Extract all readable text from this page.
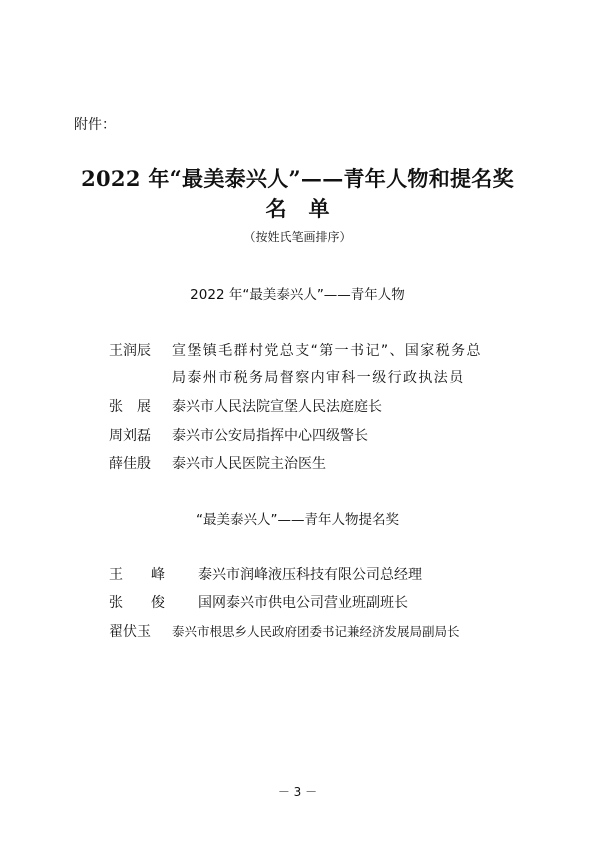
附件：
2022 年“最美泰兴人”——青年人物和提名奖
名单
（按姓氏笔画排序）
2022 年“最美泰兴人”——青年人物
王润辰 宣堡镇毛群村党总支“第一书记”、国家税务总
局泰州市税务局督察内审科一级行政执法员
张　展 泰兴市人民法院宣堡人民法庭庭长
周刘磊 泰兴市公安局指挥中心四级警长
薛佳殷 泰兴市人民医院主治医生
“最美泰兴人”——青年人物提名奖
王　　峰 泰兴市润峰液压科技有限公司总经理
张　　俊 国网泰兴市供电公司营业班副班长
翟伏玉 泰兴市根思乡人民政府团委书记兼经济发展局副局长
－ 3 －
